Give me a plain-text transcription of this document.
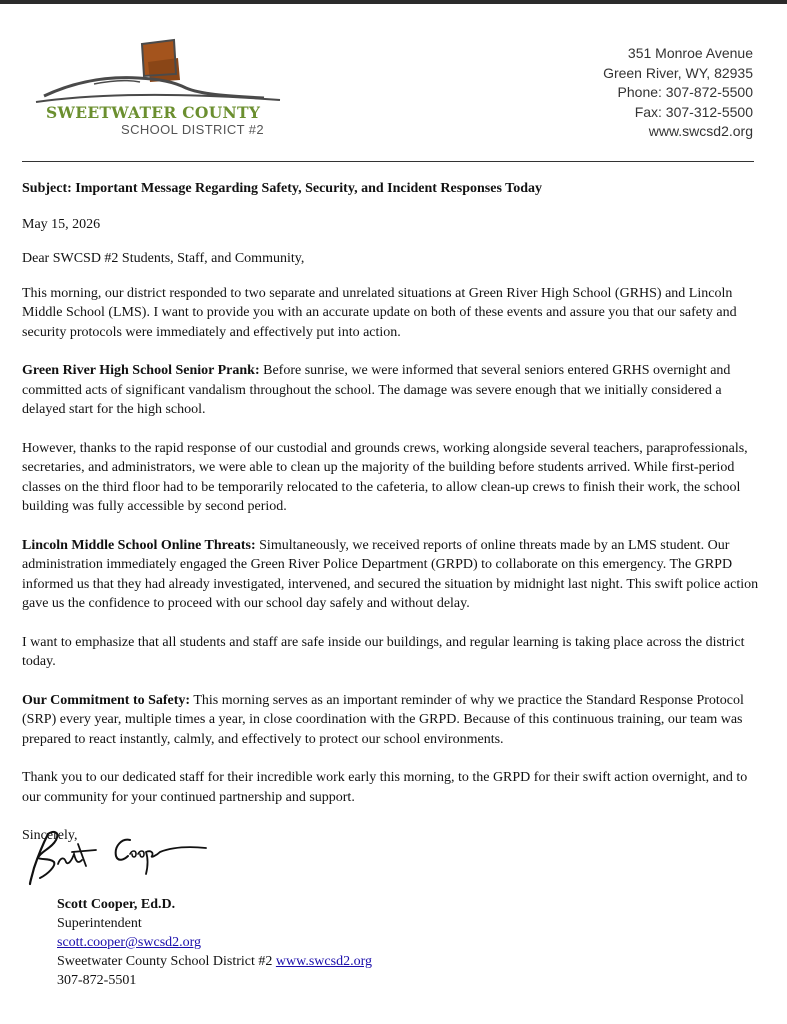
SWEETWATER COUNTY
SCHOOL DISTRICT #2
351 Monroe Avenue
Green River, WY, 82935
Phone: 307-872-5500
Fax: 307-312-5500
www.swcsd2.org

Subject: Important Message Regarding Safety, Security, and Incident Responses Today

May 15, 2026

Dear SWCSD #2 Students, Staff, and Community,

This morning, our district responded to two separate and unrelated situations at Green River High School (GRHS) and Lincoln Middle School (LMS). I want to provide you with an accurate update on both of these events and assure you that our safety and security protocols were immediately and effectively put into action.

Green River High School Senior Prank: Before sunrise, we were informed that several seniors entered GRHS overnight and committed acts of significant vandalism throughout the school. The damage was severe enough that we initially considered a delayed start for the high school.

However, thanks to the rapid response of our custodial and grounds crews, working alongside several teachers, paraprofessionals, secretaries, and administrators, we were able to clean up the majority of the building before students arrived. While first-period classes on the third floor had to be temporarily relocated to the cafeteria, to allow clean-up crews to finish their work, the school building was fully accessible by second period.

Lincoln Middle School Online Threats: Simultaneously, we received reports of online threats made by an LMS student. Our administration immediately engaged the Green River Police Department (GRPD) to collaborate on this emergency. The GRPD informed us that they had already investigated, intervened, and secured the situation by midnight last night. This swift police action gave us the confidence to proceed with our school day safely and without delay.

I want to emphasize that all students and staff are safe inside our buildings, and regular learning is taking place across the district today.

Our Commitment to Safety: This morning serves as an important reminder of why we practice the Standard Response Protocol (SRP) every year, multiple times a year, in close coordination with the GRPD. Because of this continuous training, our team was prepared to react instantly, calmly, and effectively to protect our school environments.

Thank you to our dedicated staff for their incredible work early this morning, to the GRPD for their swift action overnight, and to our community for your continued partnership and support.

Sincerely,

Scott Cooper, Ed.D.
Superintendent
scott.cooper@swcsd2.org
Sweetwater County School District #2 www.swcsd2.org
307-872-5501
